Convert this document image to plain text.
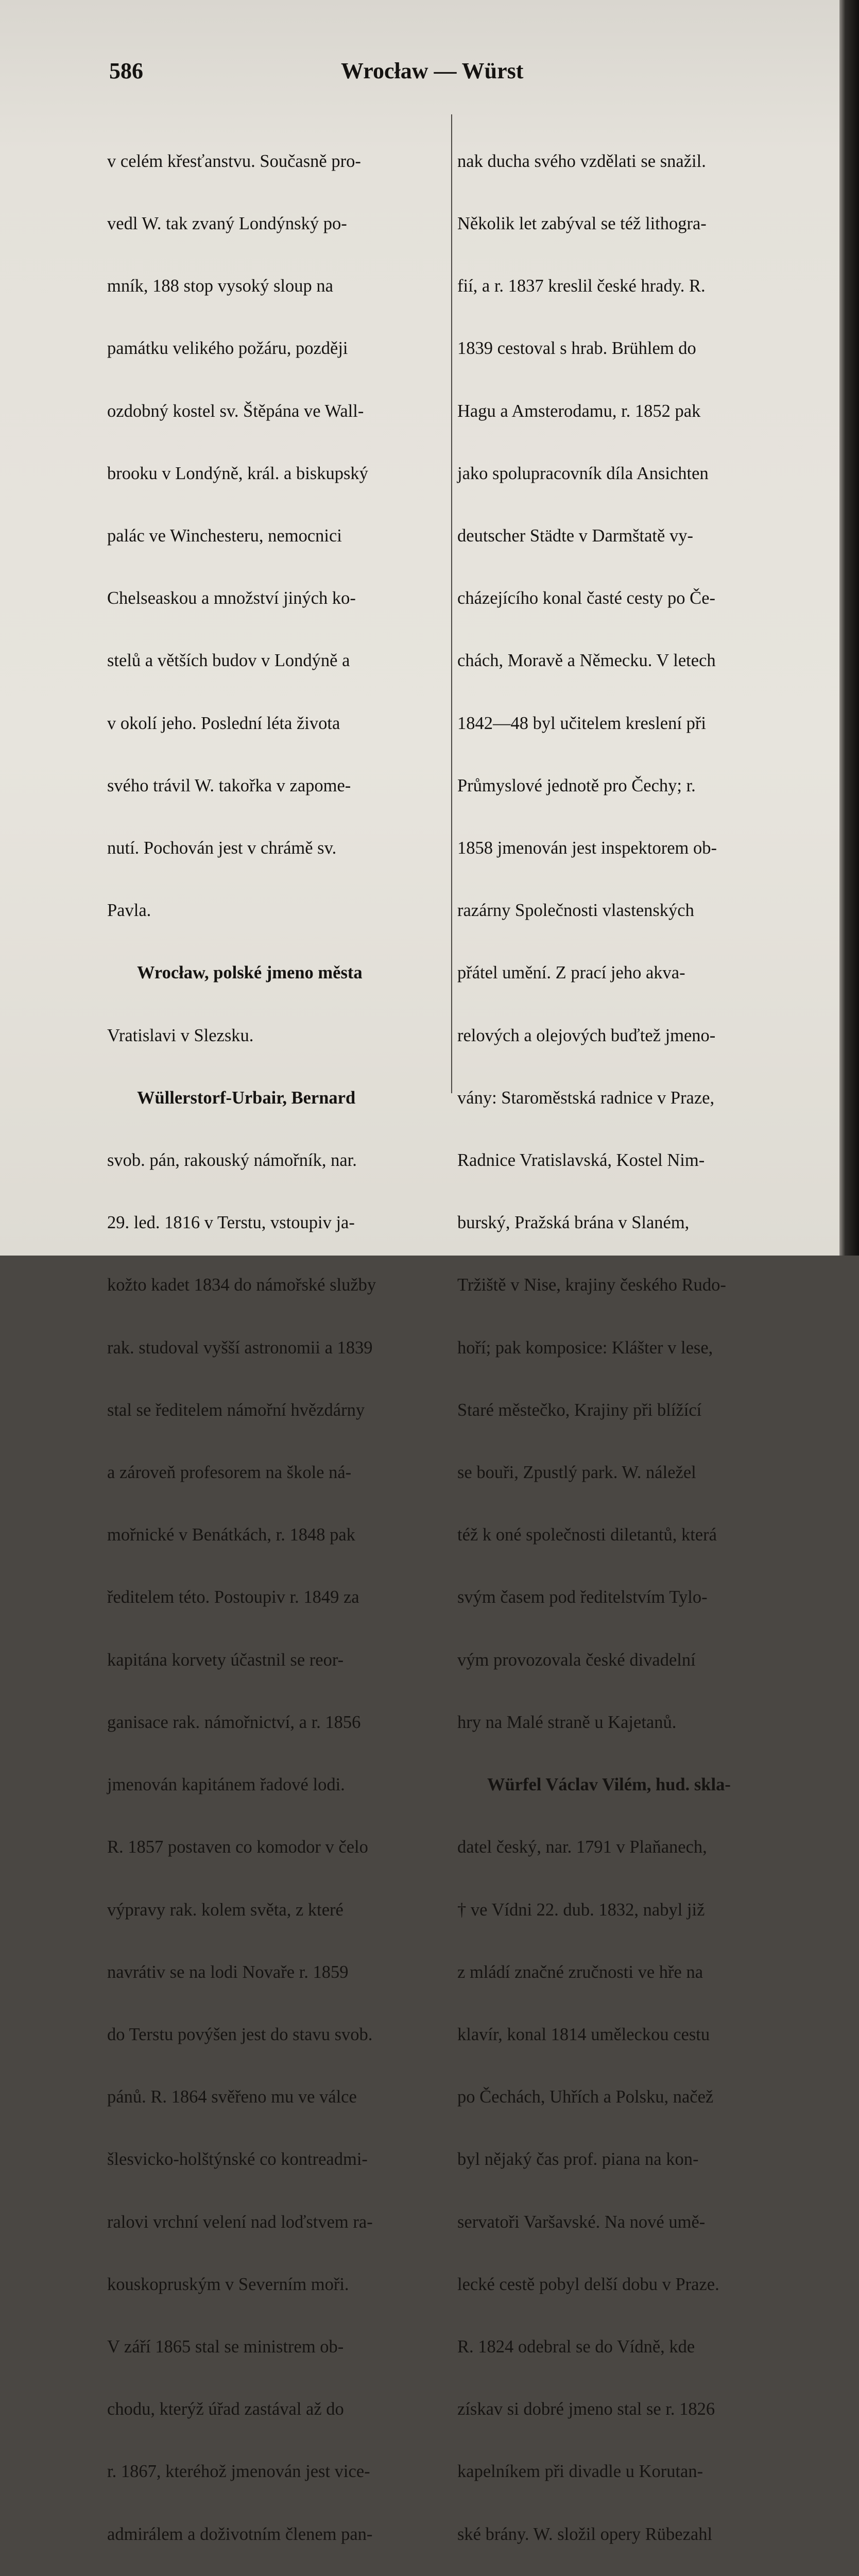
586	Wrocław — Würst

v celém křesťanstvu. Současně pro-

vedl W. tak zvaný Londýnský po-

mník, 188 stop vysoký sloup na

památku velikého požáru, později

ozdobný kostel sv. Štěpána ve Wall-

brooku v Londýně, král. a biskupský

palác ve Winchesteru, nemocnici

Chelseaskou a množství jiných ko-

stelů a větších budov v Londýně a

v okolí jeho. Poslední léta života

svého trávil W. takořka v zapome-

nutí. Pochován jest v chrámě sv.

Pavla.

Wrocław, polské jmeno města

Vratislavi v Slezsku.

Wüllerstorf-Urbair, Bernard

svob. pán, rakouský námořník, nar.

29. led. 1816 v Terstu, vstoupiv ja-

kožto kadet 1834 do námořské služby

rak. studoval vyšší astronomii a 1839

stal se ředitelem námořní hvězdárny

a zároveň profesorem na škole ná-

mořnické v Benátkách, r. 1848 pak

ředitelem této. Postoupiv r. 1849 za

kapitána korvety účastnil se reor-

ganisace rak. námořnictví, a r. 1856

jmenován kapitánem řadové lodi.

R. 1857 postaven co komodor v čelo

výpravy rak. kolem světa, z které

navrátiv se na lodi Novaře r. 1859

do Terstu povýšen jest do stavu svob.

pánů. R. 1864 svěřeno mu ve válce

šlesvicko-holštýnské co kontreadmi-

ralovi vrchní velení nad loďstvem ra-

kouskopruským v Severním moři.

V září 1865 stal se ministrem ob-

chodu, kterýž úřad zastával až do

r. 1867, kteréhož jmenován jest vice-

admirálem a doživotním členem pan-

nak ducha svého vzdělati se snažil.

Několik let zabýval se též lithogra-

fií, a r. 1837 kreslil české hrady. R.

1839 cestoval s hrab. Brühlem do

Hagu a Amsterodamu, r. 1852 pak

jako spolupracovník díla Ansichten

deutscher Städte v Darmštatě vy-

cházejícího konal časté cesty po Če-

chách, Moravě a Německu. V letech

1842—48 byl učitelem kreslení při

Průmyslové jednotě pro Čechy; r.

1858 jmenován jest inspektorem ob-

razárny Společnosti vlastenských

přátel umění. Z prací jeho akva-

relových a olejových buďtež jmeno-

vány: Staroměstská radnice v Praze,

Radnice Vratislavská, Kostel Nim-

burský, Pražská brána v Slaném,

Tržiště v Nise, krajiny českého Rudo-

hoří; pak komposice: Klášter v lese,

Staré městečko, Krajiny při blížící

se bouři, Zpustlý park. W. náležel

též k oné společnosti diletantů, která

svým časem pod ředitelstvím Tylo-

vým provozovala české divadelní

hry na Malé straně u Kajetanů.

Würfel Václav Vilém, hud. skla-

datel český, nar. 1791 v Plaňanech,

† ve Vídni 22. dub. 1832, nabyl již

z mládí značné zručnosti ve hře na

klavír, konal 1814 uměleckou cestu

po Čechách, Uhřích a Polsku, načež

byl nějaký čas prof. piana na kon-

servatoři Varšavské. Na nové umě-

lecké cestě pobyl delší dobu v Praze.

R. 1824 odebral se do Vídně, kde

získav si dobré jmeno stal se r. 1826

kapelníkem při divadle u Korutan-

ské brány. W. složil opery Rübezahl
